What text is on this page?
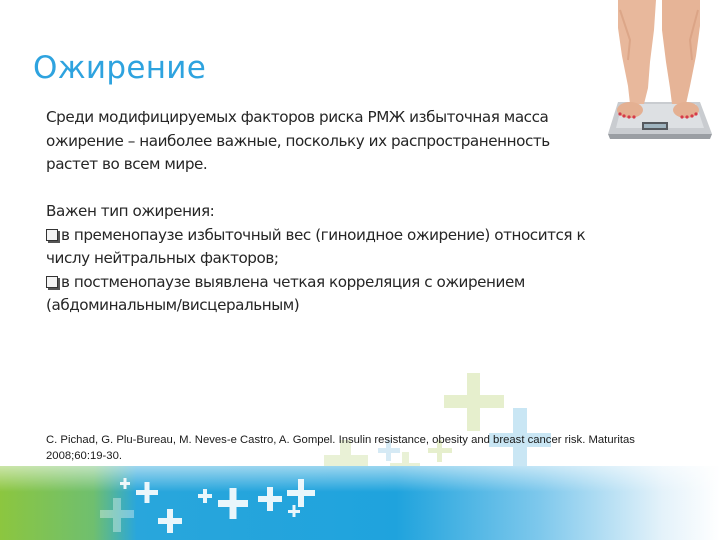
Ожирение

Среди модифицируемых факторов риска РМЖ избыточная масса

ожирение – наиболее важные, поскольку их распространенность

растет во всем мире.

Важен тип ожирения:

в пременопаузе избыточный вес (гиноидное ожирение) относится к
числу нейтральных факторов;
в постменопаузе выявлена четкая корреляция с ожирением
(абдоминальным/висцеральным)
C. Pichad, G. Plu-Bureau, M. Neves-e Castro, A. Gompel. Insulin resistance, obesity and breast cancer risk. Maturitas
2008;60:19-30.
